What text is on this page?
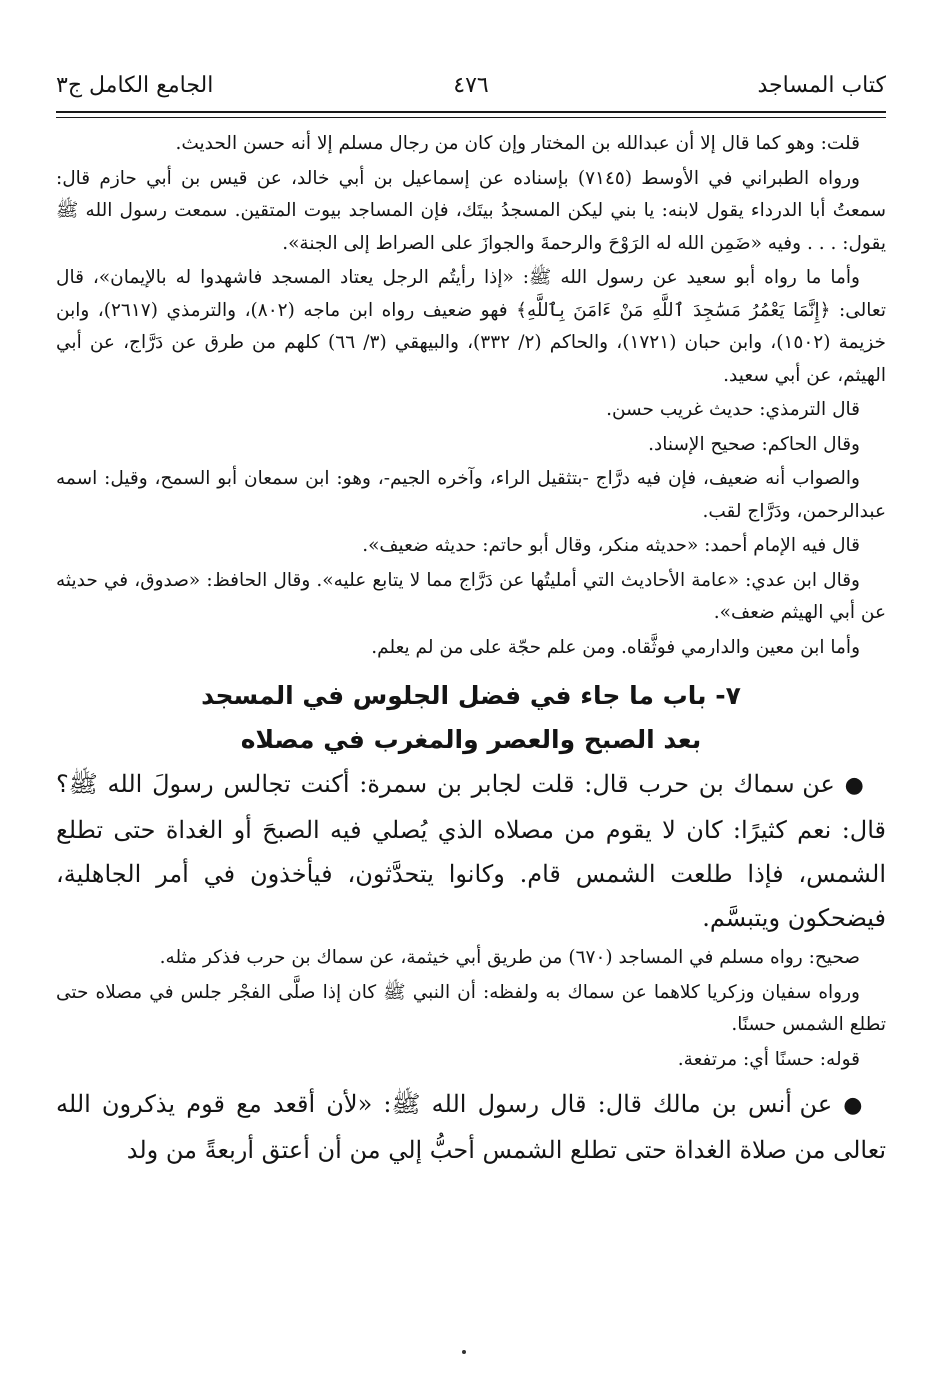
كتاب المساجد
٤٧٦
الجامع الكامل ج٣

قلت: وهو كما قال إلا أن عبدالله بن المختار وإن كان من رجال مسلم إلا أنه حسن الحديث.

ورواه الطبراني في الأوسط (٧١٤٥) بإسناده عن إسماعيل بن أبي خالد، عن قيس بن أبي حازم قال: سمعتُ أبا الدرداء يقول لابنه: يا بني ليكن المسجدُ بيتَك، فإن المساجد بيوت المتقين. سمعت رسول الله ﷺ يقول: . . . وفيه «ضَمِن الله له الرَوْحَ والرحمةَ والجوازَ على الصراط إلى الجنة».

وأما ما رواه أبو سعيد عن رسول الله ﷺ: «إذا رأيتُم الرجل يعتاد المسجد فاشهدوا له بالإيمان»، قال تعالى: ﴿إِنَّمَا يَعْمُرُ مَسَٰجِدَ ٱللَّهِ مَنْ ءَامَنَ بِٱللَّهِ﴾ فهو ضعيف رواه ابن ماجه (٨٠٢)، والترمذي (٢٦١٧)، وابن خزيمة (١٥٠٢)، وابن حبان (١٧٢١)، والحاكم (٢/ ٣٣٢)، والبيهقي (٣/ ٦٦) كلهم من طرق عن دَرَّاج، عن أبي الهيثم، عن أبي سعيد.

قال الترمذي: حديث غريب حسن.

وقال الحاكم: صحيح الإسناد.

والصواب أنه ضعيف، فإن فيه درَّاج -بتثقيل الراء، وآخره الجيم-، وهو: ابن سمعان أبو السمح، وقيل: اسمه عبدالرحمن، ودَرَّاج لقب.

قال فيه الإمام أحمد: «حديثه منكر، وقال أبو حاتم: حديثه ضعيف».

وقال ابن عدي: «عامة الأحاديث التي أمليتُها عن دَرَّاج مما لا يتابع عليه». وقال الحافظ: «صدوق، في حديثه عن أبي الهيثم ضعف».

وأما ابن معين والدارمي فوثَّقاه. ومن علم حجّة على من لم يعلم.

٧- باب ما جاء في فضل الجلوس في المسجد
بعد الصبح والعصر والمغرب في مصلاه

● عن سماك بن حرب قال: قلت لجابر بن سمرة: أكنت تجالس رسولَ الله ﷺ؟ قال: نعم كثيرًا: كان لا يقوم من مصلاه الذي يُصلي فيه الصبحَ أو الغداة حتى تطلع الشمس، فإذا طلعت الشمس قام. وكانوا يتحدَّثون، فيأخذون في أمر الجاهلية، فيضحكون ويتبسَّم.

صحيح: رواه مسلم في المساجد (٦٧٠) من طريق أبي خيثمة، عن سماك بن حرب فذكر مثله.

ورواه سفيان وزكريا كلاهما عن سماك به ولفظه: أن النبي ﷺ كان إذا صلَّى الفجْر جلس في مصلاه حتى تطلع الشمس حسنًا.

قوله: حسنًا أي: مرتفعة.

● عن أنس بن مالك قال: قال رسول الله ﷺ: «لأن أقعد مع قوم يذكرون الله تعالى من صلاة الغداة حتى تطلع الشمس أحبُّ إلي من أن أعتق أربعةً من ولد
